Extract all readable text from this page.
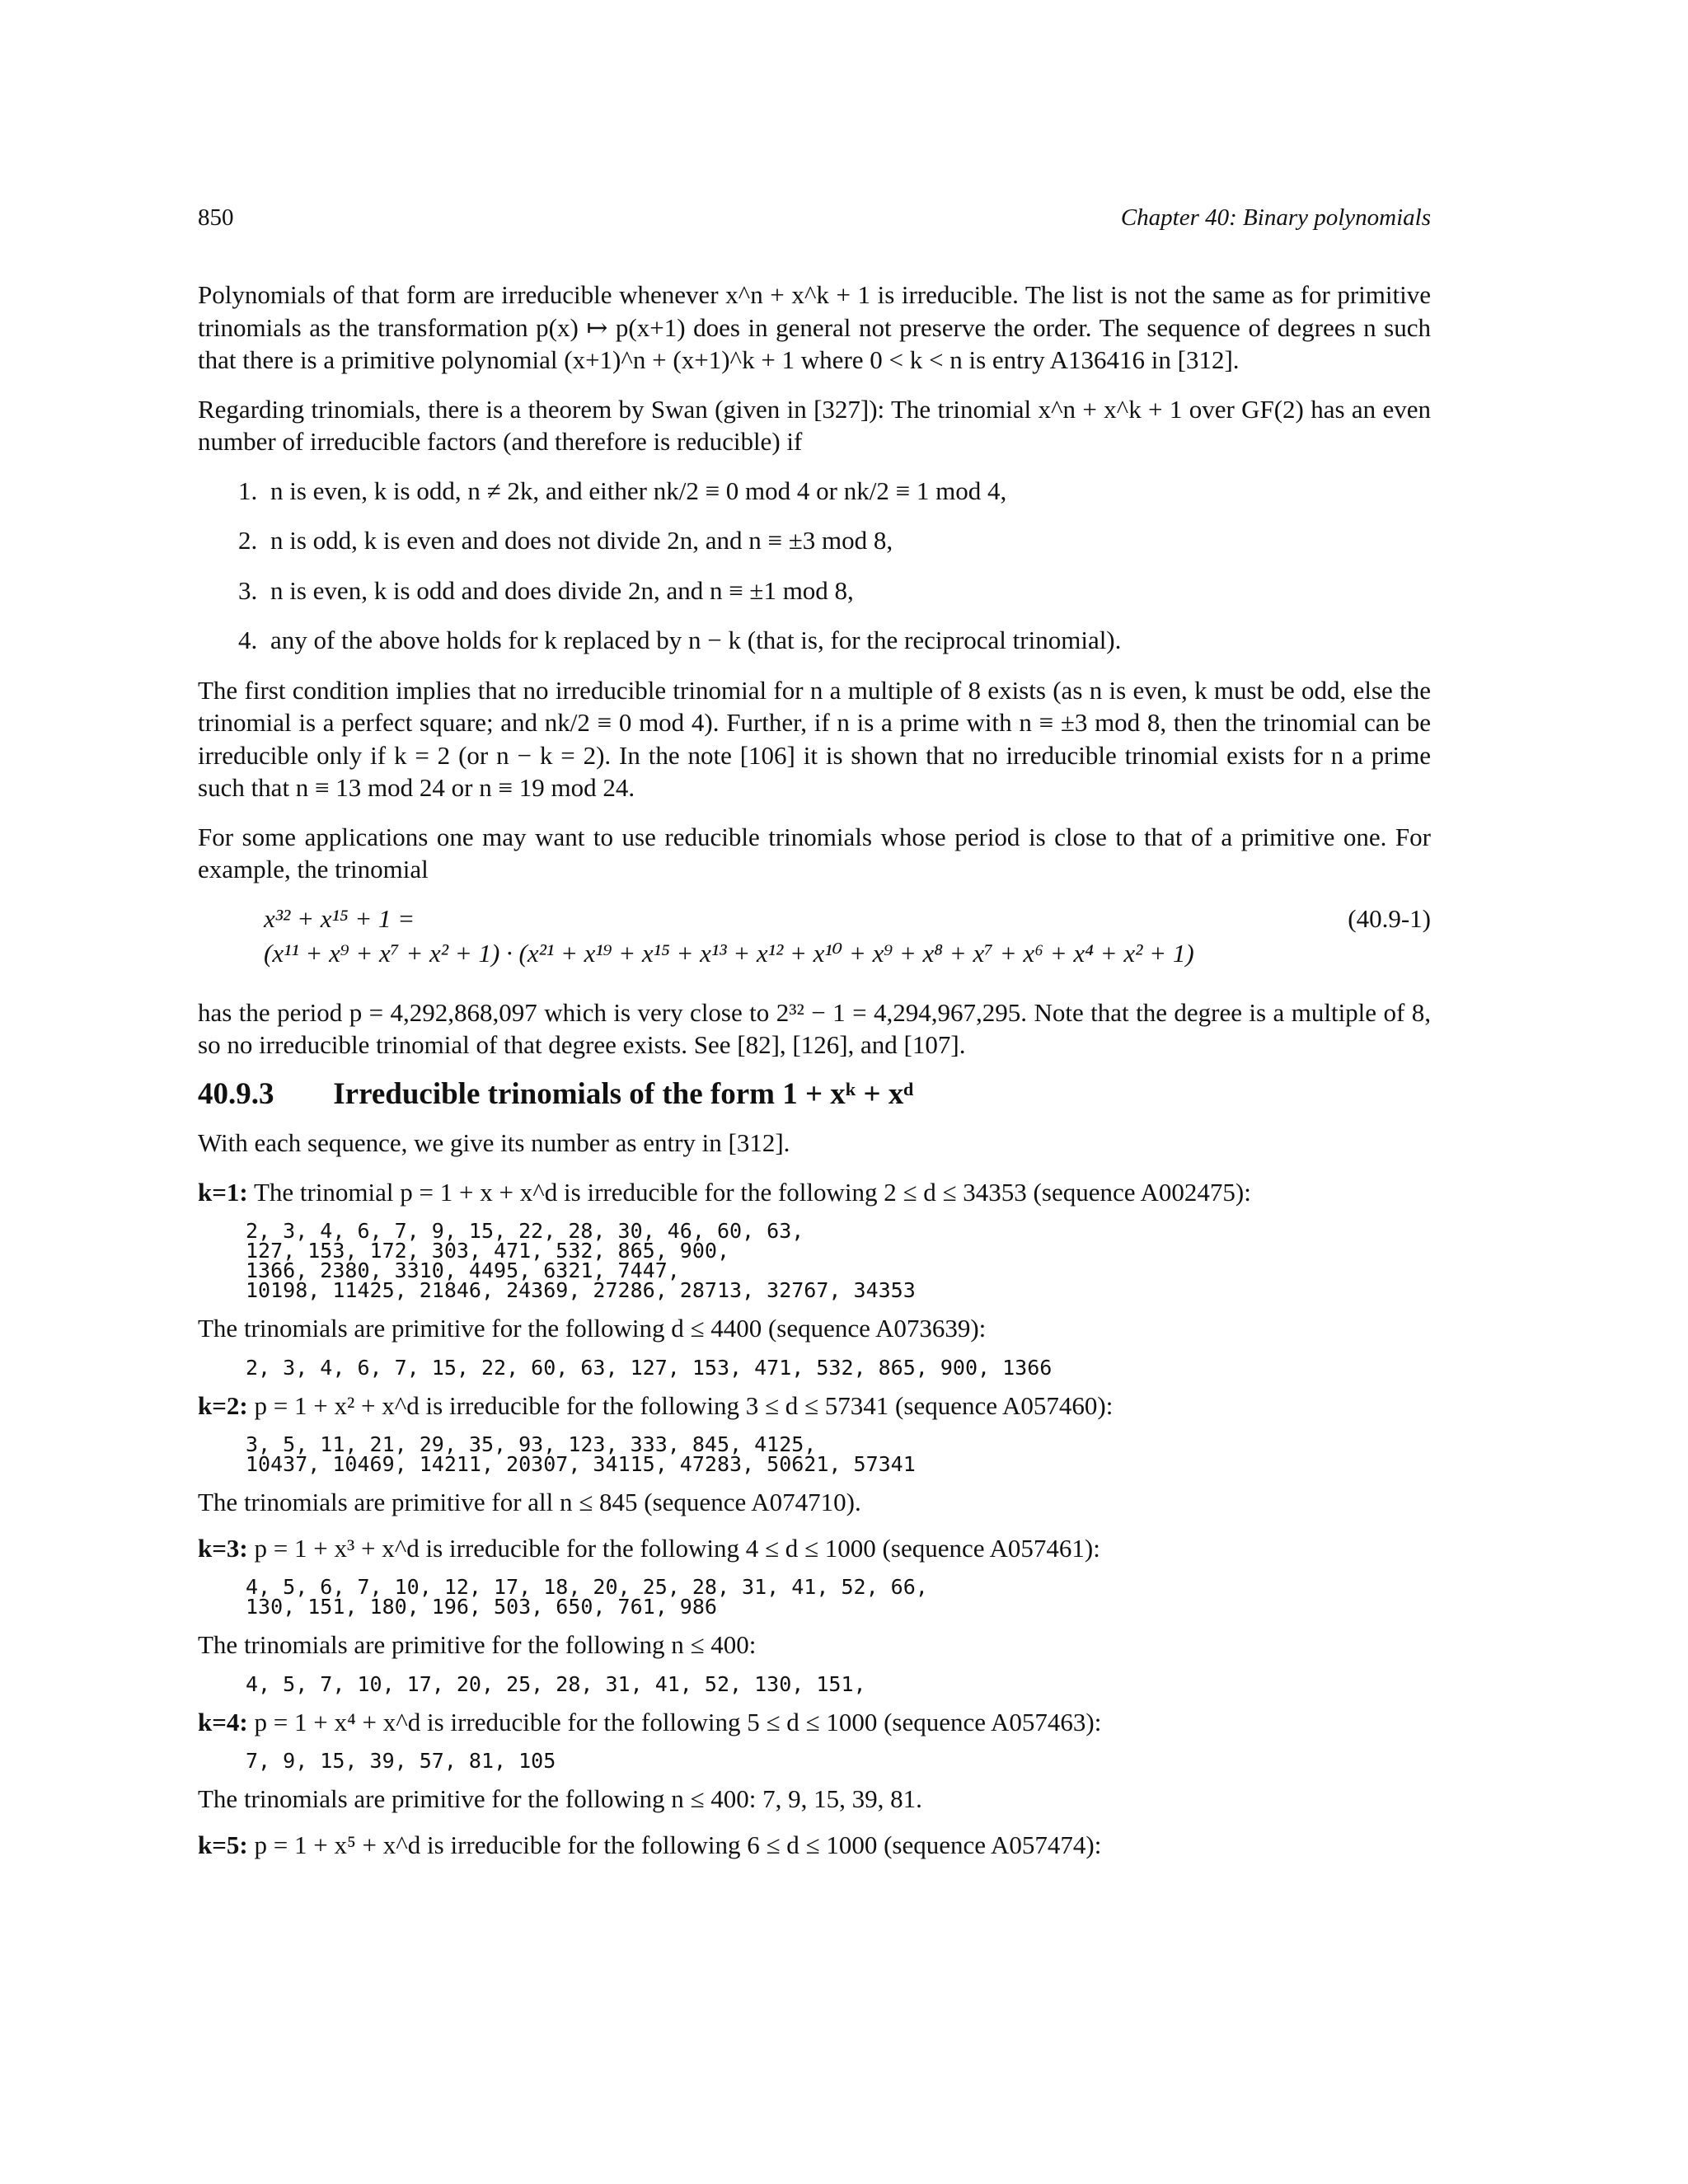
850	Chapter 40: Binary polynomials

Polynomials of that form are irreducible whenever x^n + x^k + 1 is irreducible. The list is not the same as for primitive trinomials as the transformation p(x) ↦ p(x+1) does in general not preserve the order. The sequence of degrees n such that there is a primitive polynomial (x+1)^n + (x+1)^k + 1 where 0 < k < n is entry A136416 in [312].

Regarding trinomials, there is a theorem by Swan (given in [327]): The trinomial x^n + x^k + 1 over GF(2) has an even number of irreducible factors (and therefore is reducible) if

1. n is even, k is odd, n ≠ 2k, and either nk/2 ≡ 0 mod 4 or nk/2 ≡ 1 mod 4,
2. n is odd, k is even and does not divide 2n, and n ≡ ±3 mod 8,
3. n is even, k is odd and does divide 2n, and n ≡ ±1 mod 8,
4. any of the above holds for k replaced by n − k (that is, for the reciprocal trinomial).

The first condition implies that no irreducible trinomial for n a multiple of 8 exists (as n is even, k must be odd, else the trinomial is a perfect square; and nk/2 ≡ 0 mod 4). Further, if n is a prime with n ≡ ±3 mod 8, then the trinomial can be irreducible only if k = 2 (or n − k = 2). In the note [106] it is shown that no irreducible trinomial exists for n a prime such that n ≡ 13 mod 24 or n ≡ 19 mod 24.

For some applications one may want to use reducible trinomials whose period is close to that of a primitive one. For example, the trinomial

x³² + x¹⁵ + 1 =	(40.9-1)
(x¹¹ + x⁹ + x⁷ + x² + 1) · (x²¹ + x¹⁹ + x¹⁵ + x¹³ + x¹² + x¹⁰ + x⁹ + x⁸ + x⁷ + x⁶ + x⁴ + x² + 1)

has the period p = 4,292,868,097 which is very close to 2³² − 1 = 4,294,967,295. Note that the degree is a multiple of 8, so no irreducible trinomial of that degree exists. See [82], [126], and [107].

40.9.3 Irreducible trinomials of the form 1 + xᵏ + xᵈ

With each sequence, we give its number as entry in [312].

k=1: The trinomial p = 1 + x + x^d is irreducible for the following 2 ≤ d ≤ 34353 (sequence A002475):

2, 3, 4, 6, 7, 9, 15, 22, 28, 30, 46, 60, 63,
127, 153, 172, 303, 471, 532, 865, 900,
1366, 2380, 3310, 4495, 6321, 7447,
10198, 11425, 21846, 24369, 27286, 28713, 32767, 34353

The trinomials are primitive for the following d ≤ 4400 (sequence A073639):

2, 3, 4, 6, 7, 15, 22, 60, 63, 127, 153, 471, 532, 865, 900, 1366

k=2: p = 1 + x² + x^d is irreducible for the following 3 ≤ d ≤ 57341 (sequence A057460):

3, 5, 11, 21, 29, 35, 93, 123, 333, 845, 4125,
10437, 10469, 14211, 20307, 34115, 47283, 50621, 57341

The trinomials are primitive for all n ≤ 845 (sequence A074710).

k=3: p = 1 + x³ + x^d is irreducible for the following 4 ≤ d ≤ 1000 (sequence A057461):

4, 5, 6, 7, 10, 12, 17, 18, 20, 25, 28, 31, 41, 52, 66,
130, 151, 180, 196, 503, 650, 761, 986

The trinomials are primitive for the following n ≤ 400:

4, 5, 7, 10, 17, 20, 25, 28, 31, 41, 52, 130, 151,

k=4: p = 1 + x⁴ + x^d is irreducible for the following 5 ≤ d ≤ 1000 (sequence A057463):

7, 9, 15, 39, 57, 81, 105

The trinomials are primitive for the following n ≤ 400: 7, 9, 15, 39, 81.

k=5: p = 1 + x⁵ + x^d is irreducible for the following 6 ≤ d ≤ 1000 (sequence A057474):
